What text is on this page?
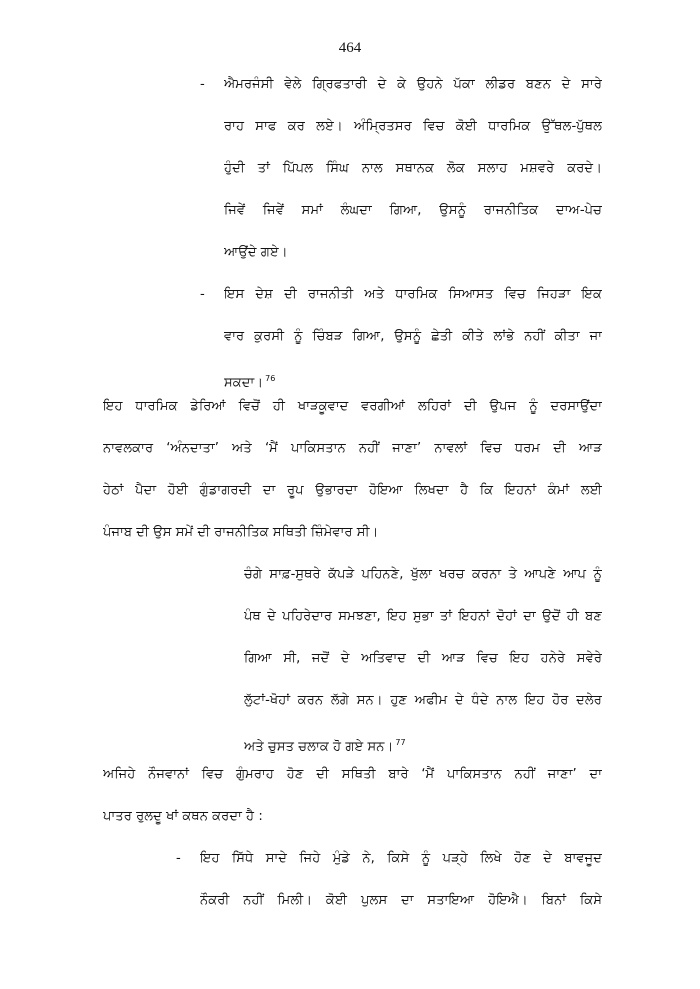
464
- ਐਮਰਜੰਸੀ ਵੇਲੇ ਗ੍ਰਿਫਤਾਰੀ ਦੇ ਕੇ ਉਹਨੇ ਪੱਕਾ ਲੀਡਰ ਬਣਨ ਦੇ ਸਾਰੇ
ਰਾਹ ਸਾਫ ਕਰ ਲਏ। ਅੰਮ੍ਰਿਤਸਰ ਵਿਚ ਕੋਈ ਧਾਰਮਿਕ ਉੱਥਲ-ਪੁੱਥਲ
ਹੁੰਦੀ ਤਾਂ ਪਿੱਪਲ ਸਿੰਘ ਨਾਲ ਸਥਾਨਕ ਲੋਕ ਸਲਾਹ ਮਸ਼ਵਰੇ ਕਰਦੇ।
ਜਿਵੇਂ ਜਿਵੇਂ ਸਮਾਂ ਲੰਘਦਾ ਗਿਆ, ਉਸਨੂੰ ਰਾਜਨੀਤਿਕ ਦਾਅ-ਪੇਚ
ਆਉਂਦੇ ਗਏ।
- ਇਸ ਦੇਸ਼ ਦੀ ਰਾਜਨੀਤੀ ਅਤੇ ਧਾਰਮਿਕ ਸਿਆਸਤ ਵਿਚ ਜਿਹੜਾ ਇਕ
ਵਾਰ ਕੁਰਸੀ ਨੂੰ ਚਿੰਬੜ ਗਿਆ, ਉਸਨੂੰ ਛੇਤੀ ਕੀਤੇ ਲਾਂਭੇ ਨਹੀਂ ਕੀਤਾ ਜਾ
ਸਕਦਾ। $^{76}$
ਇਹ ਧਾਰਮਿਕ ਡੇਰਿਆਂ ਵਿਚੋਂ ਹੀ ਖਾੜਕੂਵਾਦ ਵਰਗੀਆਂ ਲਹਿਰਾਂ ਦੀ ਉਪਜ ਨੂੰ ਦਰਸਾਉਂਦਾ
ਨਾਵਲਕਾਰ ‘ਅੰਨਦਾਤਾ’ ਅਤੇ ‘ਮੈਂ ਪਾਕਿਸਤਾਨ ਨਹੀਂ ਜਾਣਾ’ ਨਾਵਲਾਂ ਵਿਚ ਧਰਮ ਦੀ ਆੜ
ਹੇਠਾਂ ਪੈਦਾ ਹੋਈ ਗੁੰਡਾਗਰਦੀ ਦਾ ਰੂਪ ਉਭਾਰਦਾ ਹੋਇਆ ਲਿਖਦਾ ਹੈ ਕਿ ਇਹਨਾਂ ਕੰਮਾਂ ਲਈ
ਪੰਜਾਬ ਦੀ ਉਸ ਸਮੇਂ ਦੀ ਰਾਜਨੀਤਿਕ ਸਥਿਤੀ ਜ਼ਿੰਮੇਵਾਰ ਸੀ।
ਚੰਗੇ ਸਾਫ਼-ਸੁਥਰੇ ਕੱਪੜੇ ਪਹਿਨਣੇ, ਖੁੱਲਾ ਖਰਚ ਕਰਨਾ ਤੇ ਆਪਣੇ ਆਪ ਨੂੰ
ਪੰਥ ਦੇ ਪਹਿਰੇਦਾਰ ਸਮਝਣਾ, ਇਹ ਸੁਭਾ ਤਾਂ ਇਹਨਾਂ ਦੋਹਾਂ ਦਾ ਉਦੋਂ ਹੀ ਬਣ
ਗਿਆ ਸੀ, ਜਦੋਂ ਦੇ ਅਤਿਵਾਦ ਦੀ ਆੜ ਵਿਚ ਇਹ ਹਨੇਰੇ ਸਵੇਰੇ
ਲੁੱਟਾਂ-ਖੋਹਾਂ ਕਰਨ ਲੱਗੇ ਸਨ। ਹੁਣ ਅਫੀਮ ਦੇ ਧੰਦੇ ਨਾਲ ਇਹ ਹੋਰ ਦਲੇਰ
ਅਤੇ ਚੁਸਤ ਚਲਾਕ ਹੋ ਗਏ ਸਨ। $^{77}$
ਅਜਿਹੇ ਨੌਜਵਾਨਾਂ ਵਿਚ ਗੁੰਮਰਾਹ ਹੋਣ ਦੀ ਸਥਿਤੀ ਬਾਰੇ ‘ਮੈਂ ਪਾਕਿਸਤਾਨ ਨਹੀਂ ਜਾਣਾ’ ਦਾ
ਪਾਤਰ ਰੁਲਦੂ ਖਾਂ ਕਥਨ ਕਰਦਾ ਹੈ :
- ਇਹ ਸਿੱਧੇ ਸਾਦੇ ਜਿਹੇ ਮੁੰਡੇ ਨੇ, ਕਿਸੇ ਨੂੰ ਪੜ੍ਹੇ ਲਿਖੇ ਹੋਣ ਦੇ ਬਾਵਜੂਦ
ਨੌਕਰੀ ਨਹੀਂ ਮਿਲੀ। ਕੋਈ ਪੁਲਸ ਦਾ ਸਤਾਇਆ ਹੋਇਐ। ਬਿਨਾਂ ਕਿਸੇ
